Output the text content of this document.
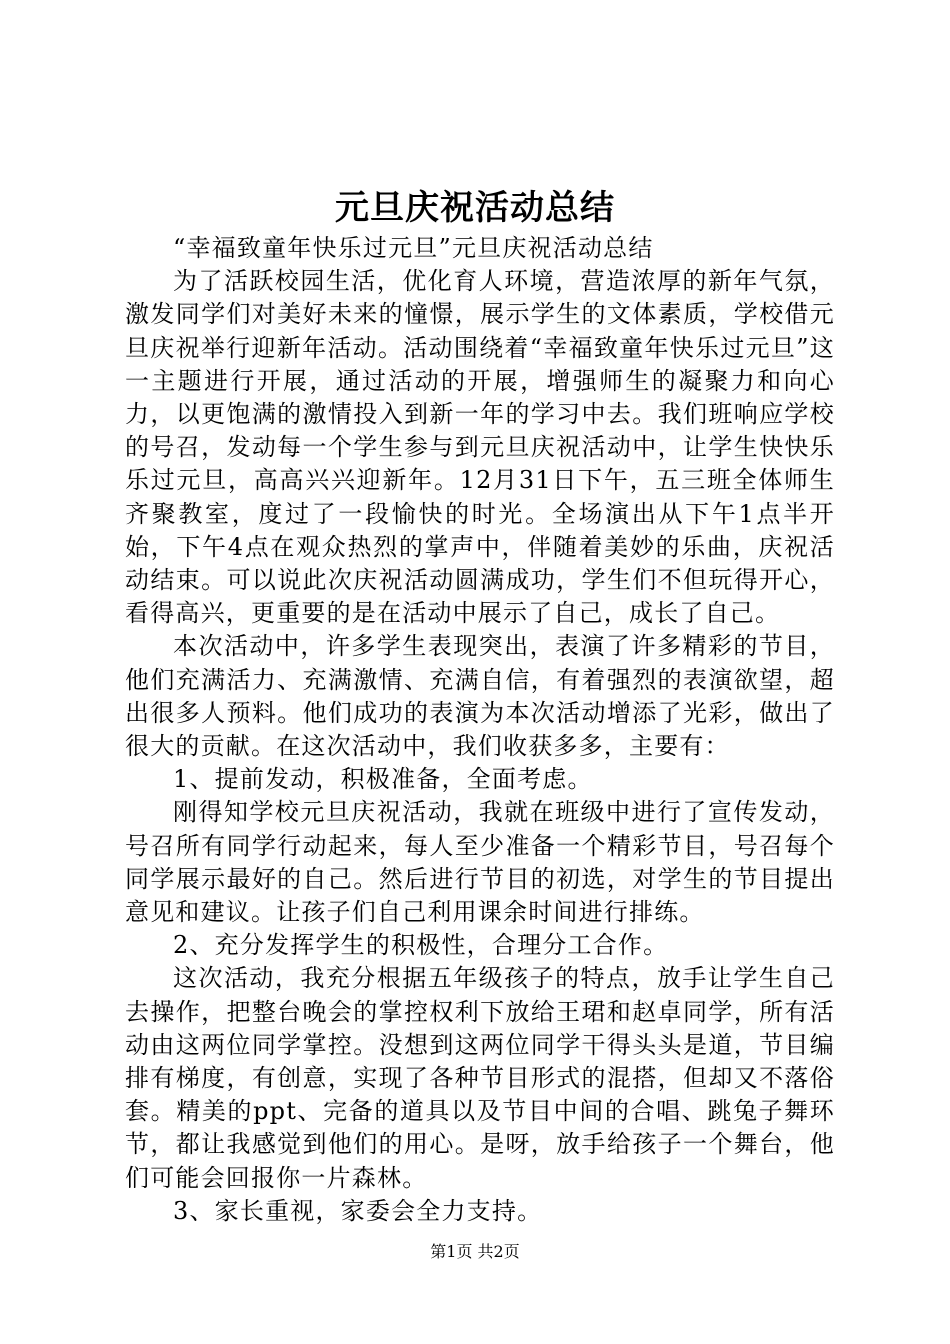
元旦庆祝活动总结

“幸福致童年快乐过元旦”元旦庆祝活动总结

为了活跃校园生活，优化育人环境，营造浓厚的新年气氛，激发同学们对美好未来的憧憬，展示学生的文体素质，学校借元旦庆祝举行迎新年活动。活动围绕着“幸福致童年快乐过元旦”这一主题进行开展，通过活动的开展，增强师生的凝聚力和向心力，以更饱满的激情投入到新一年的学习中去。我们班响应学校的号召，发动每一个学生参与到元旦庆祝活动中，让学生快快乐乐过元旦，高高兴兴迎新年。12月31日下午，五三班全体师生齐聚教室，度过了一段愉快的时光。全场演出从下午1点半开始，下午4点在观众热烈的掌声中，伴随着美妙的乐曲，庆祝活动结束。可以说此次庆祝活动圆满成功，学生们不但玩得开心，看得高兴，更重要的是在活动中展示了自己，成长了自己。

本次活动中，许多学生表现突出，表演了许多精彩的节目，他们充满活力、充满激情、充满自信，有着强烈的表演欲望，超出很多人预料。他们成功的表演为本次活动增添了光彩，做出了很大的贡献。在这次活动中，我们收获多多，主要有：

1、提前发动，积极准备，全面考虑。

刚得知学校元旦庆祝活动，我就在班级中进行了宣传发动，号召所有同学行动起来，每人至少准备一个精彩节目，号召每个同学展示最好的自己。然后进行节目的初选，对学生的节目提出意见和建议。让孩子们自己利用课余时间进行排练。

2、充分发挥学生的积极性，合理分工合作。

这次活动，我充分根据五年级孩子的特点，放手让学生自己去操作，把整台晚会的掌控权利下放给王珺和赵卓同学，所有活动由这两位同学掌控。没想到这两位同学干得头头是道，节目编排有梯度，有创意，实现了各种节目形式的混搭，但却又不落俗套。精美的ppt、完备的道具以及节目中间的合唱、跳兔子舞环节，都让我感觉到他们的用心。是呀，放手给孩子一个舞台，他们可能会回报你一片森林。

3、家长重视，家委会全力支持。

第1页 共2页
